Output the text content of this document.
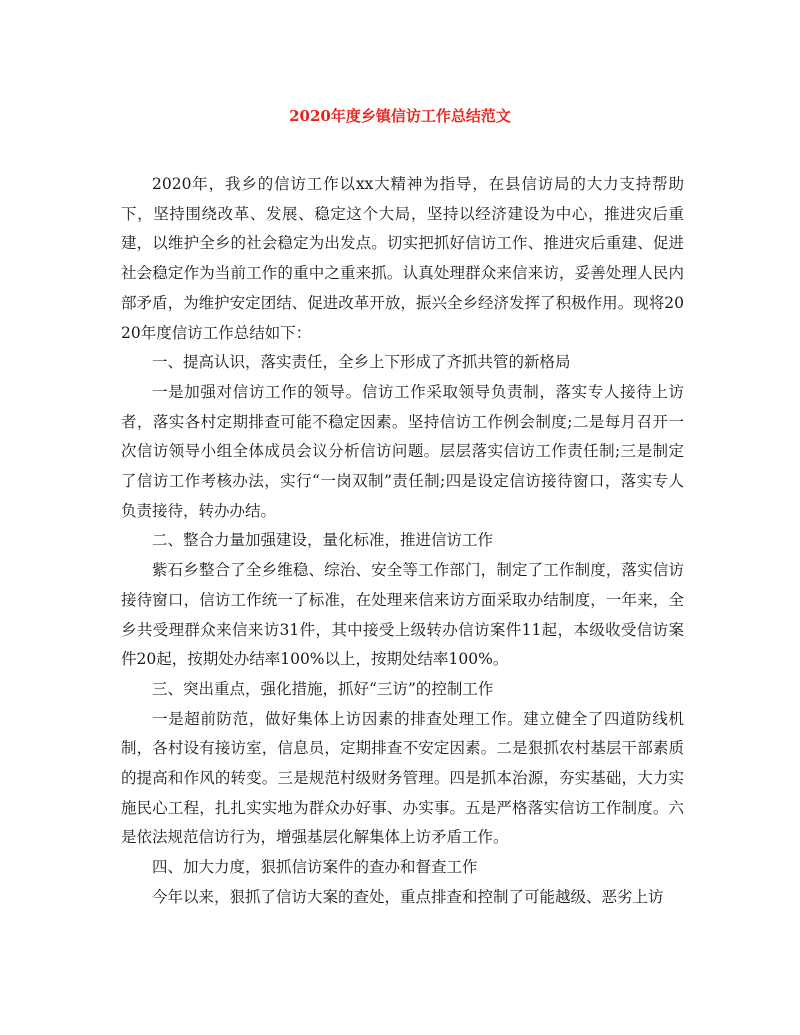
2020年度乡镇信访工作总结范文

2020年，我乡的信访工作以xx大精神为指导，在县信访局的大力支持帮助下，坚持围绕改革、发展、稳定这个大局，坚持以经济建设为中心，推进灾后重建，以维护全乡的社会稳定为出发点。切实把抓好信访工作、推进灾后重建、促进社会稳定作为当前工作的重中之重来抓。认真处理群众来信来访，妥善处理人民内部矛盾，为维护安定团结、促进改革开放，振兴全乡经济发挥了积极作用。现将2020年度信访工作总结如下：

一、提高认识，落实责任，全乡上下形成了齐抓共管的新格局

一是加强对信访工作的领导。信访工作采取领导负责制，落实专人接待上访者，落实各村定期排查可能不稳定因素。坚持信访工作例会制度;二是每月召开一次信访领导小组全体成员会议分析信访问题。层层落实信访工作责任制;三是制定了信访工作考核办法，实行“一岗双制”责任制;四是设定信访接待窗口，落实专人负责接待，转办办结。

二、整合力量加强建设，量化标准，推进信访工作

紫石乡整合了全乡维稳、综治、安全等工作部门，制定了工作制度，落实信访接待窗口，信访工作统一了标准，在处理来信来访方面采取办结制度，一年来，全乡共受理群众来信来访31件，其中接受上级转办信访案件11起，本级收受信访案件20起，按期处办结率100%以上，按期处结率100%。

三、突出重点，强化措施，抓好“三访”的控制工作

一是超前防范，做好集体上访因素的排查处理工作。建立健全了四道防线机制，各村设有接访室，信息员，定期排查不安定因素。二是狠抓农村基层干部素质的提高和作风的转变。三是规范村级财务管理。四是抓本治源，夯实基础，大力实施民心工程，扎扎实实地为群众办好事、办实事。五是严格落实信访工作制度。六是依法规范信访行为，增强基层化解集体上访矛盾工作。

四、加大力度，狠抓信访案件的查办和督查工作

今年以来，狠抓了信访大案的查处，重点排查和控制了可能越级、恶劣上访
